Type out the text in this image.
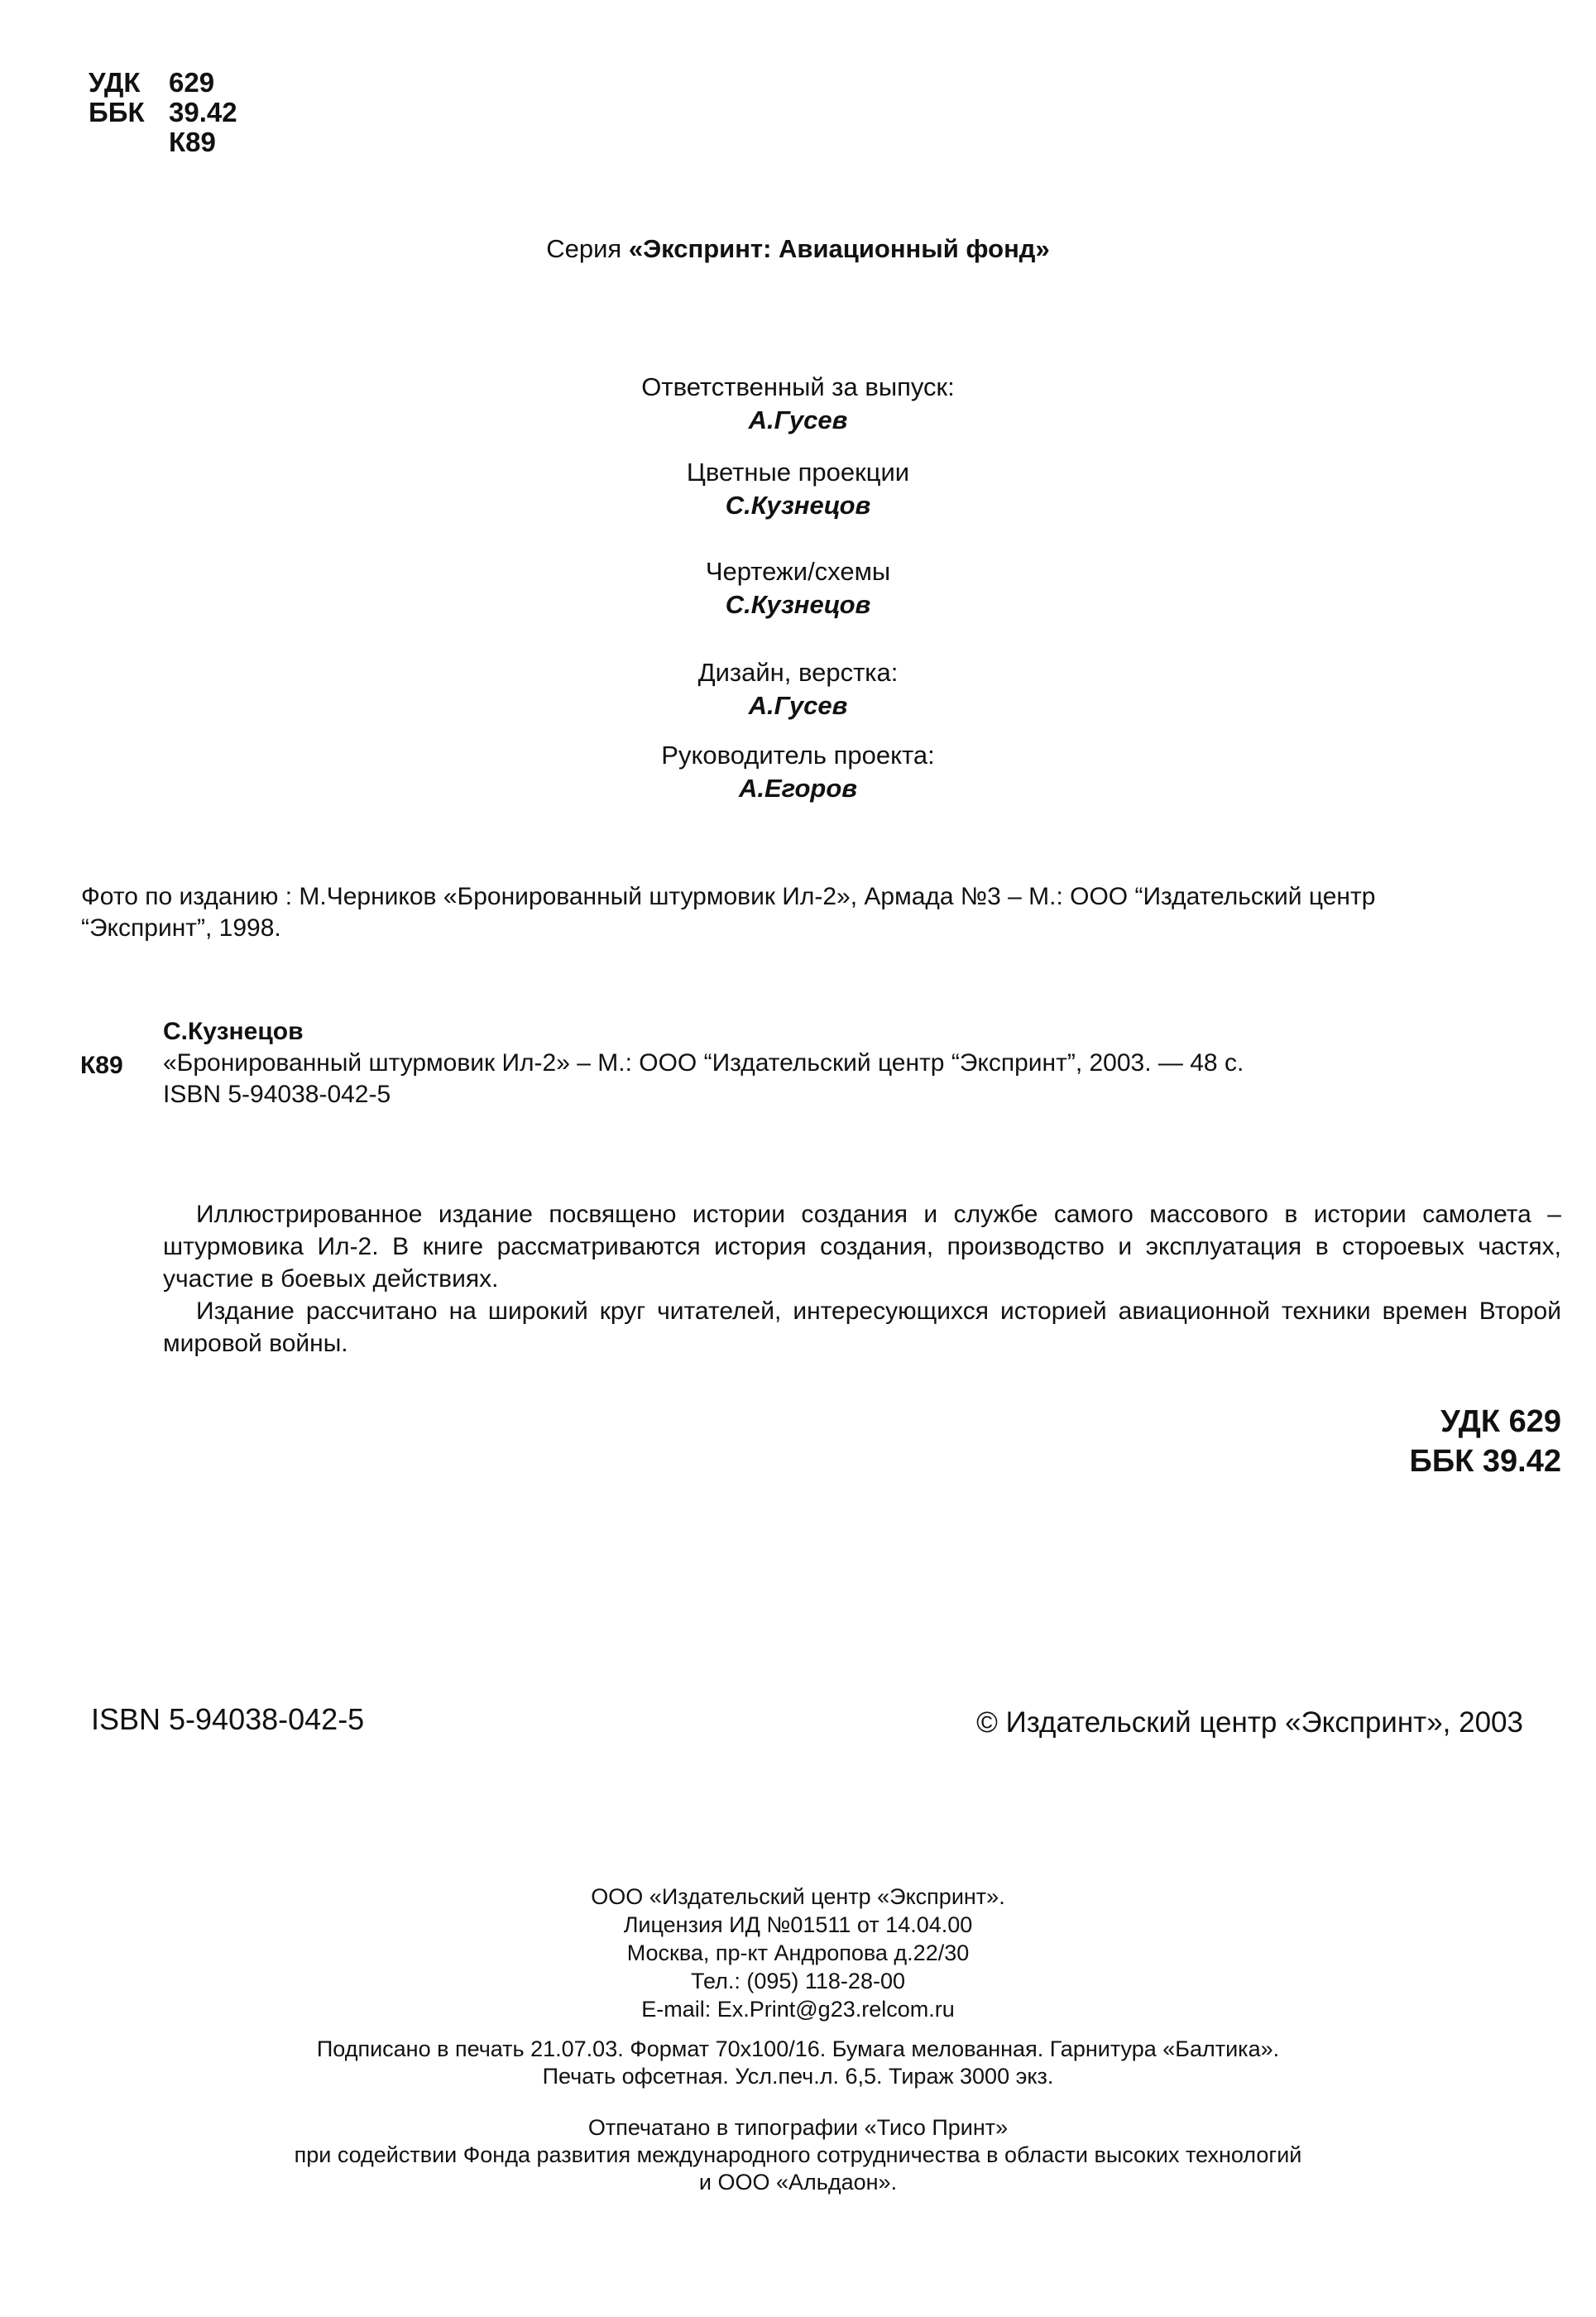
УДК	629
ББК 39.42
К89
Серия «Экспринт: Авиационный фонд»
Ответственный за выпуск:
А.Гусев
Цветные проекции
С.Кузнецов
Чертежи/схемы
С.Кузнецов
Дизайн, верстка:
А.Гусев
Руководитель проекта:
А.Егоров
Фото по изданию : М.Черников «Бронированный штурмовик Ил-2», Армада №3 – М.: ООО “Издательский центр
“Экспринт”, 1998.
К89
С.Кузнецов
«Бронированный штурмовик Ил-2» – М.: ООО “Издательский центр “Экспринт”, 2003. — 48 с.
ISBN 5-94038-042-5

Иллюстрированное издание посвящено истории создания и службе самого массового в истории самолета – штурмовика Ил-2. В книге рассматриваются история создания, производство и эксплуатация в стороевых частях, участие в боевых действиях.

Издание рассчитано на широкий круг читателей, интересующихся историей авиационной техники времен Второй мировой войны.

УДК 629
ББК 39.42
ISBN 5-94038-042-5	© Издательский центр «Экспринт», 2003
ООО «Издательский центр «Экспринт».
Лицензия ИД №01511 от 14.04.00
Москва, пр-кт Андропова д.22/30
Тел.: (095) 118-28-00
E-mail: Ex.Print@g23.relcom.ru
Подписано в печать 21.07.03. Формат 70х100/16. Бумага мелованная. Гарнитура «Балтика».
Печать офсетная. Усл.печ.л. 6,5. Тираж 3000 экз.
Отпечатано в типографии «Тисо Принт»
при содействии Фонда развития международного сотрудничества в области высоких технологий
и ООО «Альдаон».
